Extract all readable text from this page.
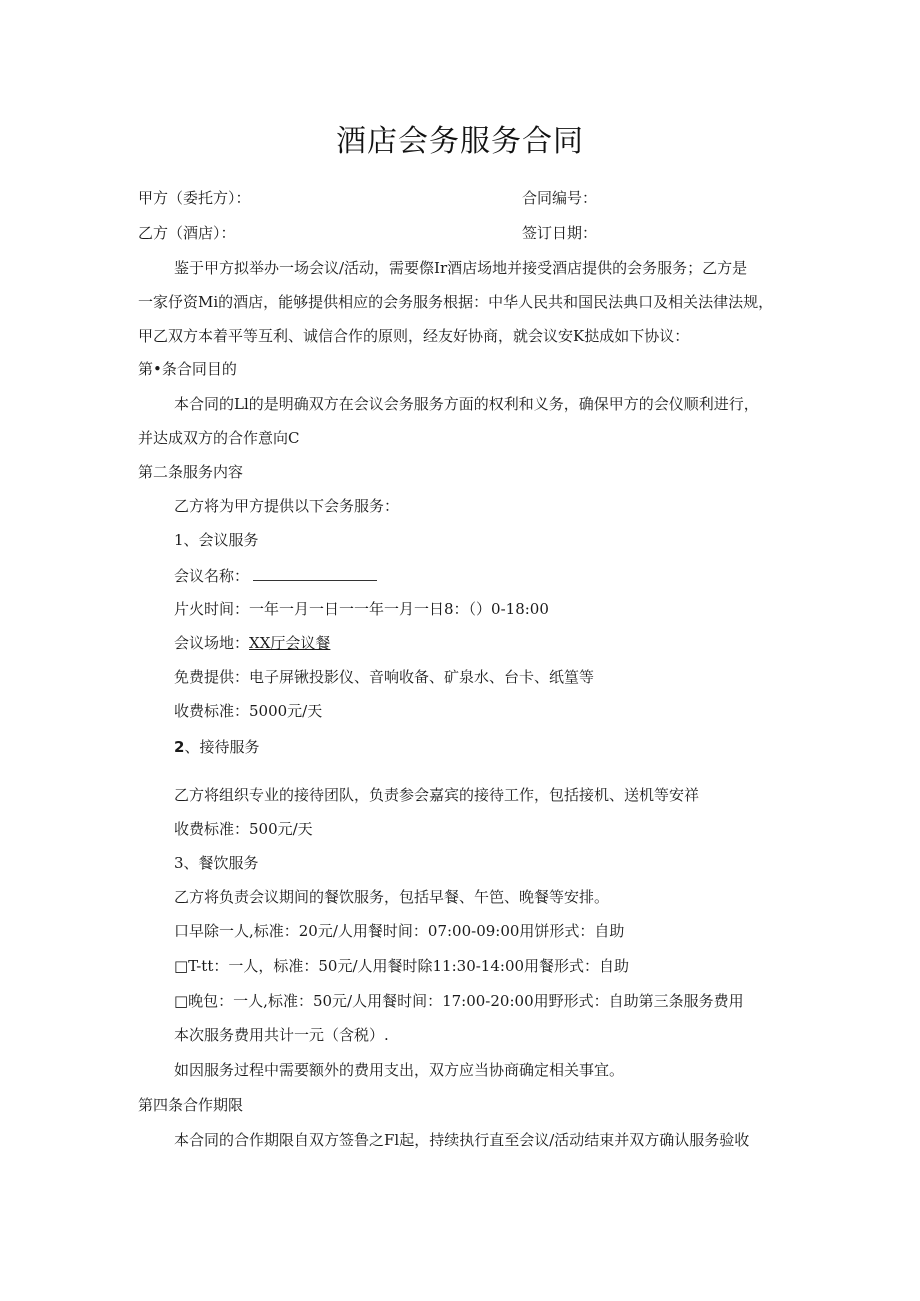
酒店会务服务合同
甲方（委托方）：	合同编号：
乙方（酒店）：	签订日期：
鉴于甲方拟举办一场会议/活动，需要傺Ir酒店场地并接受酒店提供的会务服务；乙方是
一家伃资Mi的酒店，能够提供相应的会务服务根据：中华人民共和国民法典口及相关法律法规，
甲乙双方本着平等互利、诚信合作的原则，经友好协商，就会议安K挞成如下协议：
第•条合同目的
本合同的Ll的是明确双方在会议会务服务方面的权利和义务，确保甲方的会仪顺利进行，
并达成双方的合作意向C
第二条服务内容
乙方将为甲方提供以下会务服务：
1、会议服务
会议名称：
片火时间：一年一月一日一一年一月一日8：（）0-18:00
会议场地：XX厅会议餐
免费提供：电子屏锹投影仪、音响收备、矿泉水、台卡、纸篁等
收费标准：5000元/天
2、接待服务
乙方将组织专业的接待团队，负责参会嘉宾的接待工作，包括接机、送机等安祥
收费标准：500元/天
3、餐饮服务
乙方将负责会议期间的餐饮服务，包括早餐、午笆、晚餐等安排。
口早除一人,标准：20元/人用餐时间：07:00-09:00用饼形式：自助
□T-tt：一人，标准：50元/人用餐时除11:30-14:00用餐形式：自助
□晚包：一人,标准：50元/人用餐时间：17:00-20:00用野形式：自助第三条服务费用
本次服务费用共计一元（含税）.
如因服务过程中需要额外的费用支出，双方应当协商确定相关事宜。
第四条合作期限
本合同的合作期限自双方签鲁之Fl起，持续执行直至会议/活动结束并双方确认服务验收
